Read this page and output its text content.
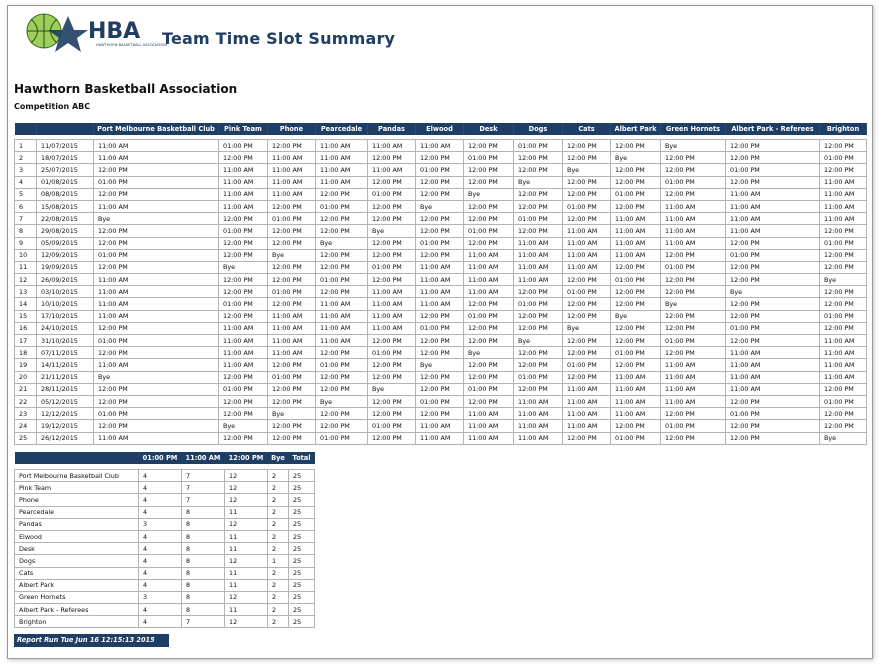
HBA
HAWTHORN BASKETBALL ASSOCIATION
Team Time Slot Summary
Hawthorn Basketball Association
Competition ABC
		Port Melbourne Basketball Club	Pink Team	Phone	Pearcedale	Pandas	Elwood	Desk	Dogs	Cats	Albert Park	Green Hornets	Albert Park - Referees	Brighton

1	11/07/2015	11:00 AM	01:00 PM	12:00 PM	11:00 AM	11:00 AM	11:00 AM	12:00 PM	01:00 PM	12:00 PM	12:00 PM	Bye	12:00 PM	12:00 PM
2	18/07/2015	11:00 AM	12:00 PM	11:00 AM	11:00 AM	12:00 PM	12:00 PM	01:00 PM	12:00 PM	12:00 PM	Bye	12:00 PM	12:00 PM	01:00 PM
3	25/07/2015	12:00 PM	11:00 AM	11:00 AM	11:00 AM	11:00 AM	01:00 PM	12:00 PM	12:00 PM	Bye	12:00 PM	12:00 PM	01:00 PM	12:00 PM
4	01/08/2015	01:00 PM	11:00 AM	11:00 AM	11:00 AM	12:00 PM	12:00 PM	12:00 PM	Bye	12:00 PM	12:00 PM	01:00 PM	12:00 PM	11:00 AM
5	08/08/2015	12:00 PM	11:00 AM	11:00 AM	12:00 PM	01:00 PM	12:00 PM	Bye	12:00 PM	12:00 PM	01:00 PM	12:00 PM	11:00 AM	11:00 AM
6	15/08/2015	11:00 AM	11:00 AM	12:00 PM	01:00 PM	12:00 PM	Bye	12:00 PM	12:00 PM	01:00 PM	12:00 PM	11:00 AM	11:00 AM	11:00 AM
7	22/08/2015	Bye	12:00 PM	01:00 PM	12:00 PM	12:00 PM	12:00 PM	12:00 PM	01:00 PM	12:00 PM	11:00 AM	11:00 AM	11:00 AM	11:00 AM
8	29/08/2015	12:00 PM	01:00 PM	12:00 PM	12:00 PM	Bye	12:00 PM	01:00 PM	12:00 PM	11:00 AM	11:00 AM	11:00 AM	11:00 AM	12:00 PM
9	05/09/2015	12:00 PM	12:00 PM	12:00 PM	Bye	12:00 PM	01:00 PM	12:00 PM	11:00 AM	11:00 AM	11:00 AM	11:00 AM	12:00 PM	01:00 PM
10	12/09/2015	01:00 PM	12:00 PM	Bye	12:00 PM	12:00 PM	12:00 PM	11:00 AM	11:00 AM	11:00 AM	11:00 AM	12:00 PM	01:00 PM	12:00 PM
11	19/09/2015	12:00 PM	Bye	12:00 PM	12:00 PM	01:00 PM	11:00 AM	11:00 AM	11:00 AM	11:00 AM	12:00 PM	01:00 PM	12:00 PM	12:00 PM
12	26/09/2015	11:00 AM	12:00 PM	12:00 PM	01:00 PM	12:00 PM	11:00 AM	11:00 AM	11:00 AM	12:00 PM	01:00 PM	12:00 PM	12:00 PM	Bye
13	03/10/2015	11:00 AM	12:00 PM	01:00 PM	12:00 PM	11:00 AM	11:00 AM	11:00 AM	12:00 PM	01:00 PM	12:00 PM	12:00 PM	Bye	12:00 PM
14	10/10/2015	11:00 AM	01:00 PM	12:00 PM	11:00 AM	11:00 AM	11:00 AM	12:00 PM	01:00 PM	12:00 PM	12:00 PM	Bye	12:00 PM	12:00 PM
15	17/10/2015	11:00 AM	12:00 PM	11:00 AM	11:00 AM	11:00 AM	12:00 PM	01:00 PM	12:00 PM	12:00 PM	Bye	12:00 PM	12:00 PM	01:00 PM
16	24/10/2015	12:00 PM	11:00 AM	11:00 AM	11:00 AM	11:00 AM	01:00 PM	12:00 PM	12:00 PM	Bye	12:00 PM	12:00 PM	01:00 PM	12:00 PM
17	31/10/2015	01:00 PM	11:00 AM	11:00 AM	11:00 AM	12:00 PM	12:00 PM	12:00 PM	Bye	12:00 PM	12:00 PM	01:00 PM	12:00 PM	11:00 AM
18	07/11/2015	12:00 PM	11:00 AM	11:00 AM	12:00 PM	01:00 PM	12:00 PM	Bye	12:00 PM	12:00 PM	01:00 PM	12:00 PM	11:00 AM	11:00 AM
19	14/11/2015	11:00 AM	11:00 AM	12:00 PM	01:00 PM	12:00 PM	Bye	12:00 PM	12:00 PM	01:00 PM	12:00 PM	11:00 AM	11:00 AM	11:00 AM
20	21/11/2015	Bye	12:00 PM	01:00 PM	12:00 PM	12:00 PM	12:00 PM	12:00 PM	01:00 PM	12:00 PM	11:00 AM	11:00 AM	11:00 AM	11:00 AM
21	28/11/2015	12:00 PM	01:00 PM	12:00 PM	12:00 PM	Bye	12:00 PM	01:00 PM	12:00 PM	11:00 AM	11:00 AM	11:00 AM	11:00 AM	12:00 PM
22	05/12/2015	12:00 PM	12:00 PM	12:00 PM	Bye	12:00 PM	01:00 PM	12:00 PM	11:00 AM	11:00 AM	11:00 AM	11:00 AM	12:00 PM	01:00 PM
23	12/12/2015	01:00 PM	12:00 PM	Bye	12:00 PM	12:00 PM	12:00 PM	11:00 AM	11:00 AM	11:00 AM	11:00 AM	12:00 PM	01:00 PM	12:00 PM
24	19/12/2015	12:00 PM	Bye	12:00 PM	12:00 PM	01:00 PM	11:00 AM	11:00 AM	11:00 AM	11:00 AM	12:00 PM	01:00 PM	12:00 PM	12:00 PM
25	26/12/2015	11:00 AM	12:00 PM	12:00 PM	01:00 PM	12:00 PM	11:00 AM	11:00 AM	11:00 AM	12:00 PM	01:00 PM	12:00 PM	12:00 PM	Bye
	01:00 PM	11:00 AM	12:00 PM	Bye	Total

Port Melbourne Basketball Club	4	7	12	2	25
Pink Team	4	7	12	2	25
Phone	4	7	12	2	25
Pearcedale	4	8	11	2	25
Pandas	3	8	12	2	25
Elwood	4	8	11	2	25
Desk	4	8	11	2	25
Dogs	4	8	12	1	25
Cats	4	8	11	2	25
Albert Park	4	8	11	2	25
Green Hornets	3	8	12	2	25
Albert Park - Referees	4	8	11	2	25
Brighton	4	7	12	2	25
Report Run Tue Jun 16 12:15:13 2015
